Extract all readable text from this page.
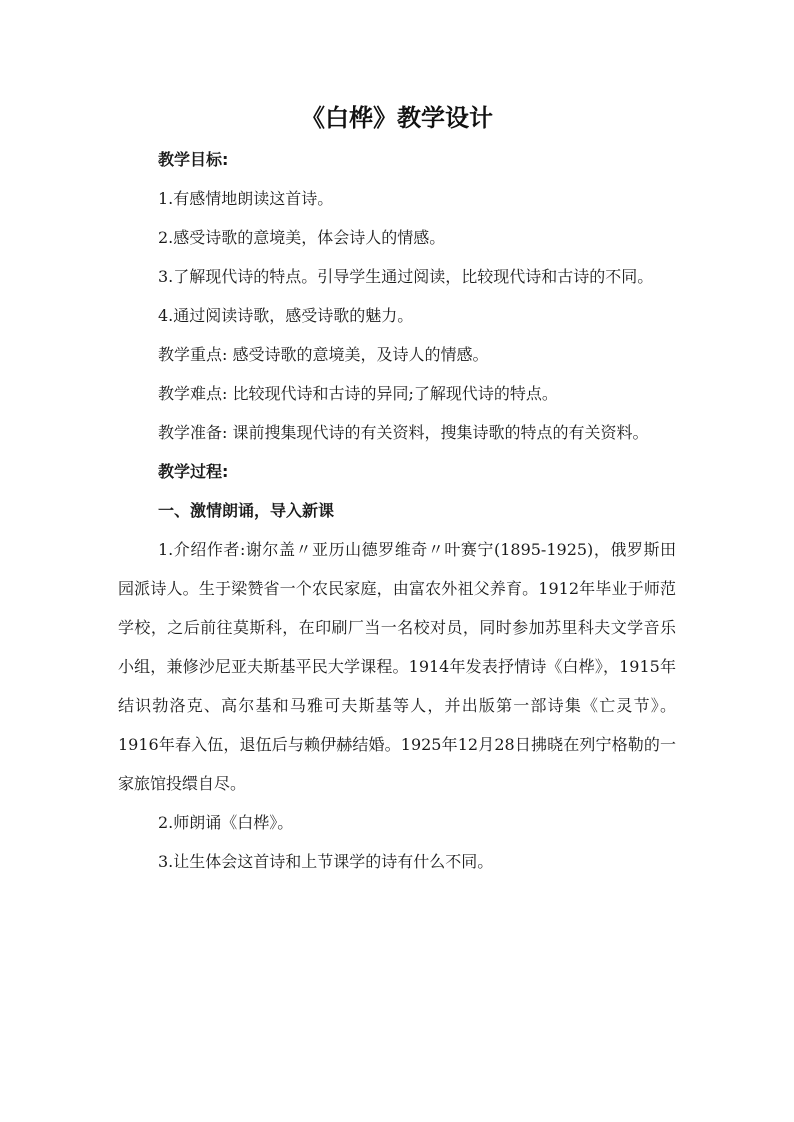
《白桦》教学设计

教学目标:

1.有感情地朗读这首诗。

2.感受诗歌的意境美，体会诗人的情感。

3.了解现代诗的特点。引导学生通过阅读，比较现代诗和古诗的不同。

4.通过阅读诗歌，感受诗歌的魅力。

教学重点: 感受诗歌的意境美，及诗人的情感。

教学难点: 比较现代诗和古诗的异同;了解现代诗的特点。

教学准备: 课前搜集现代诗的有关资料，搜集诗歌的特点的有关资料。

教学过程:

一、激情朗诵，导入新课

1.介绍作者:谢尔盖〃亚历山德罗维奇〃叶赛宁(1895-1925)，俄罗斯田园派诗人。生于梁赞省一个农民家庭，由富农外祖父养育。1912年毕业于师范学校，之后前往莫斯科，在印刷厂当一名校对员，同时参加苏里科夫文学音乐小组，兼修沙尼亚夫斯基平民大学课程。1914年发表抒情诗《白桦》，1915年结识勃洛克、高尔基和马雅可夫斯基等人，并出版第一部诗集《亡灵节》。1916年春入伍，退伍后与赖伊赫结婚。1925年12月28日拂晓在列宁格勒的一家旅馆投缳自尽。

2.师朗诵《白桦》。

3.让生体会这首诗和上节课学的诗有什么不同。
